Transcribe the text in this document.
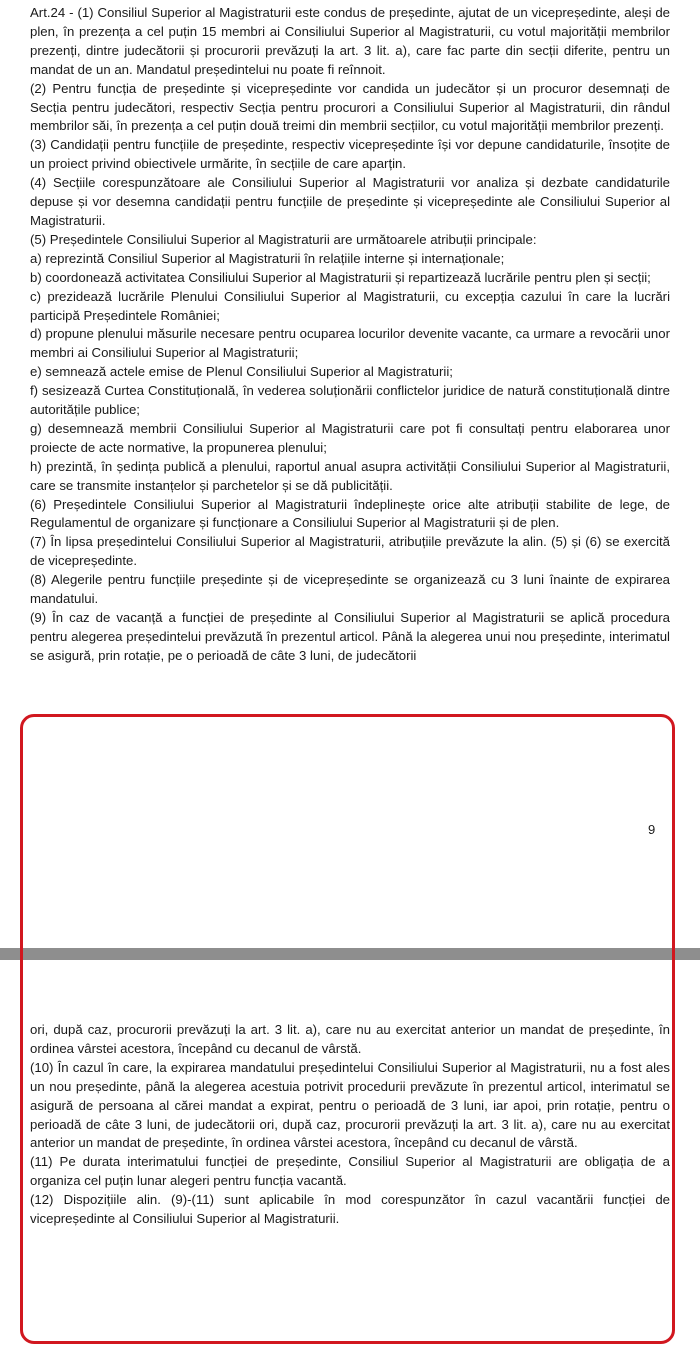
Art.24 - (1) Consiliul Superior al Magistraturii este condus de președinte, ajutat de un vicepreședinte, aleși de plen, în prezența a cel puțin 15 membri ai Consiliului Superior al Magistraturii, cu votul majorității membrilor prezenți, dintre judecătorii și procurorii prevăzuți la art. 3 lit. a), care fac parte din secții diferite, pentru un mandat de un an. Mandatul președintelui nu poate fi reînnoit.

(2) Pentru funcția de președinte și vicepreședinte vor candida un judecător și un procuror desemnați de Secția pentru judecători, respectiv Secția pentru procurori a Consiliului Superior al Magistraturii, din rândul membrilor săi, în prezența a cel puțin două treimi din membrii secțiilor, cu votul majorității membrilor prezenți.

(3) Candidații pentru funcțiile de președinte, respectiv vicepreședinte își vor depune candidaturile, însoțite de un proiect privind obiectivele urmărite, în secțiile de care aparțin.

(4) Secțiile corespunzătoare ale Consiliului Superior al Magistraturii vor analiza și dezbate candidaturile depuse și vor desemna candidații pentru funcțiile de președinte și vicepreședinte ale Consiliului Superior al Magistraturii.

(5) Președintele Consiliului Superior al Magistraturii are următoarele atribuții principale:

a) reprezintă Consiliul Superior al Magistraturii în relațiile interne și internaționale;

b) coordonează activitatea Consiliului Superior al Magistraturii și repartizează lucrările pentru plen și secții;

c) prezidează lucrările Plenului Consiliului Superior al Magistraturii, cu excepția cazului în care la lucrări participă Președintele României;

d) propune plenului măsurile necesare pentru ocuparea locurilor devenite vacante, ca urmare a revocării unor membri ai Consiliului Superior al Magistraturii;

e) semnează actele emise de Plenul Consiliului Superior al Magistraturii;

f) sesizează Curtea Constituțională, în vederea soluționării conflictelor juridice de natură constituțională dintre autoritățile publice;

g) desemnează membrii Consiliului Superior al Magistraturii care pot fi consultați pentru elaborarea unor proiecte de acte normative, la propunerea plenului;

h) prezintă, în ședința publică a plenului, raportul anual asupra activității Consiliului Superior al Magistraturii, care se transmite instanțelor și parchetelor și se dă publicității.

(6) Președintele Consiliului Superior al Magistraturii îndeplinește orice alte atribuții stabilite de lege, de Regulamentul de organizare și funcționare a Consiliului Superior al Magistraturii și de plen.

(7) În lipsa președintelui Consiliului Superior al Magistraturii, atribuțiile prevăzute la alin. (5) și (6) se exercită de vicepreședinte.

(8) Alegerile pentru funcțiile președinte și de vicepreședinte se organizează cu 3 luni înainte de expirarea mandatului.

(9) În caz de vacanță a funcției de președinte al Consiliului Superior al Magistraturii se aplică procedura pentru alegerea președintelui prevăzută în prezentul articol. Până la alegerea unui nou președinte, interimatul se asigură, prin rotație, pe o perioadă de câte 3 luni, de judecătorii

9

ori, după caz, procurorii prevăzuți la art. 3 lit. a), care nu au exercitat anterior un mandat de președinte, în ordinea vârstei acestora, începând cu decanul de vârstă.

(10) În cazul în care, la expirarea mandatului președintelui Consiliului Superior al Magistraturii, nu a fost ales un nou președinte, până la alegerea acestuia potrivit procedurii prevăzute în prezentul articol, interimatul se asigură de persoana al cărei mandat a expirat, pentru o perioadă de 3 luni, iar apoi, prin rotație, pentru o perioadă de câte 3 luni, de judecătorii ori, după caz, procurorii prevăzuți la art. 3 lit. a), care nu au exercitat anterior un mandat de președinte, în ordinea vârstei acestora, începând cu decanul de vârstă.

(11) Pe durata interimatului funcției de președinte, Consiliul Superior al Magistraturii are obligația de a organiza cel puțin lunar alegeri pentru funcția vacantă.

(12) Dispozițiile alin. (9)-(11) sunt aplicabile în mod corespunzător în cazul vacantării funcției de vicepreședinte al Consiliului Superior al Magistraturii.
